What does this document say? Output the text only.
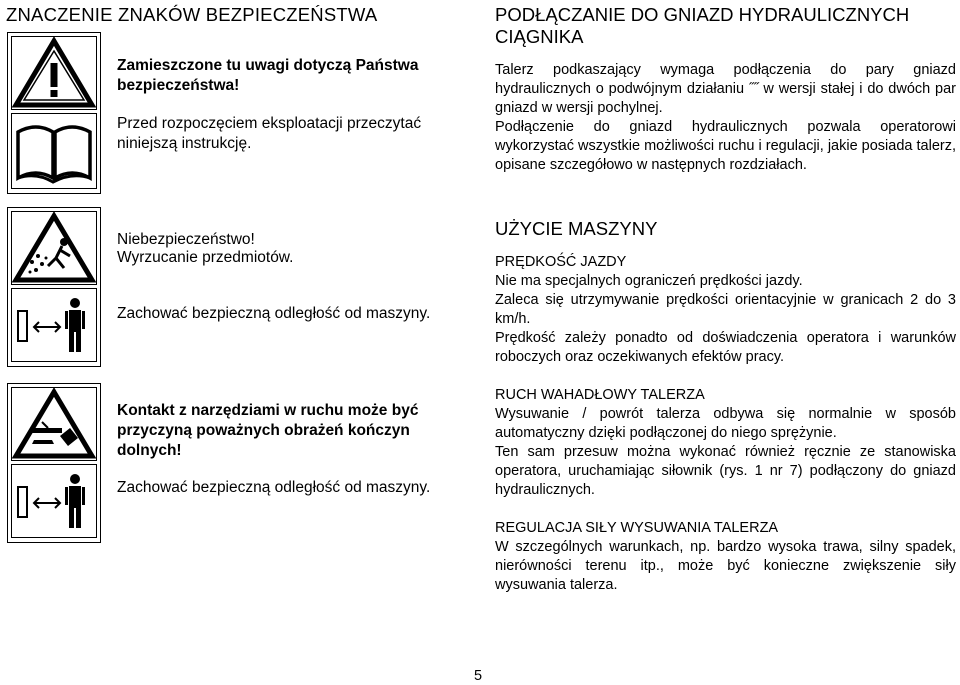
ZNACZENIE ZNAKÓW BEZPIECZEŃSTWA
Zamieszczone tu uwagi dotyczą Państwa bezpieczeństwa!
Przed rozpoczęciem eksploatacji przeczytać niniejszą instrukcję.
Niebezpieczeństwo!
Wyrzucanie przedmiotów.
Zachować bezpieczną odległość od maszyny.
Kontakt z narzędziami w ruchu może być przyczyną poważnych obrażeń kończyn dolnych!
Zachować bezpieczną odległość od maszyny.
PODŁĄCZANIE DO GNIAZD HYDRAULICZNYCH CIĄGNIKA

Talerz podkaszający wymaga podłączenia do pary gniazd hydraulicznych o podwójnym działaniu ˝˝ w wersji stałej i do dwóch par gniazd w wersji pochylnej.

Podłączenie do gniazd hydraulicznych pozwala operatorowi wykorzystać wszystkie możliwości ruchu i regulacji, jakie posiada talerz, opisane szczegółowo w następnych rozdziałach.

UŻYCIE MASZYNY

PRĘDKOŚĆ JAZDY

Nie ma specjalnych ograniczeń prędkości jazdy.

Zaleca się utrzymywanie prędkości orientacyjnie w granicach 2 do 3 km/h.

Prędkość zależy ponadto od doświadczenia operatora i warunków roboczych oraz oczekiwanych efektów pracy.

RUCH WAHADŁOWY TALERZA

Wysuwanie / powrót talerza odbywa się normalnie w sposób automatyczny dzięki podłączonej do niego sprężynie.

Ten sam przesuw można wykonać również ręcznie ze stanowiska operatora, uruchamiając siłownik (rys. 1 nr 7) podłączony do gniazd hydraulicznych.

REGULACJA SIŁY WYSUWANIA TALERZA

W szczególnych warunkach, np. bardzo wysoka trawa, silny spadek, nierówności terenu itp., może być konieczne zwiększenie siły wysuwania talerza.

5
